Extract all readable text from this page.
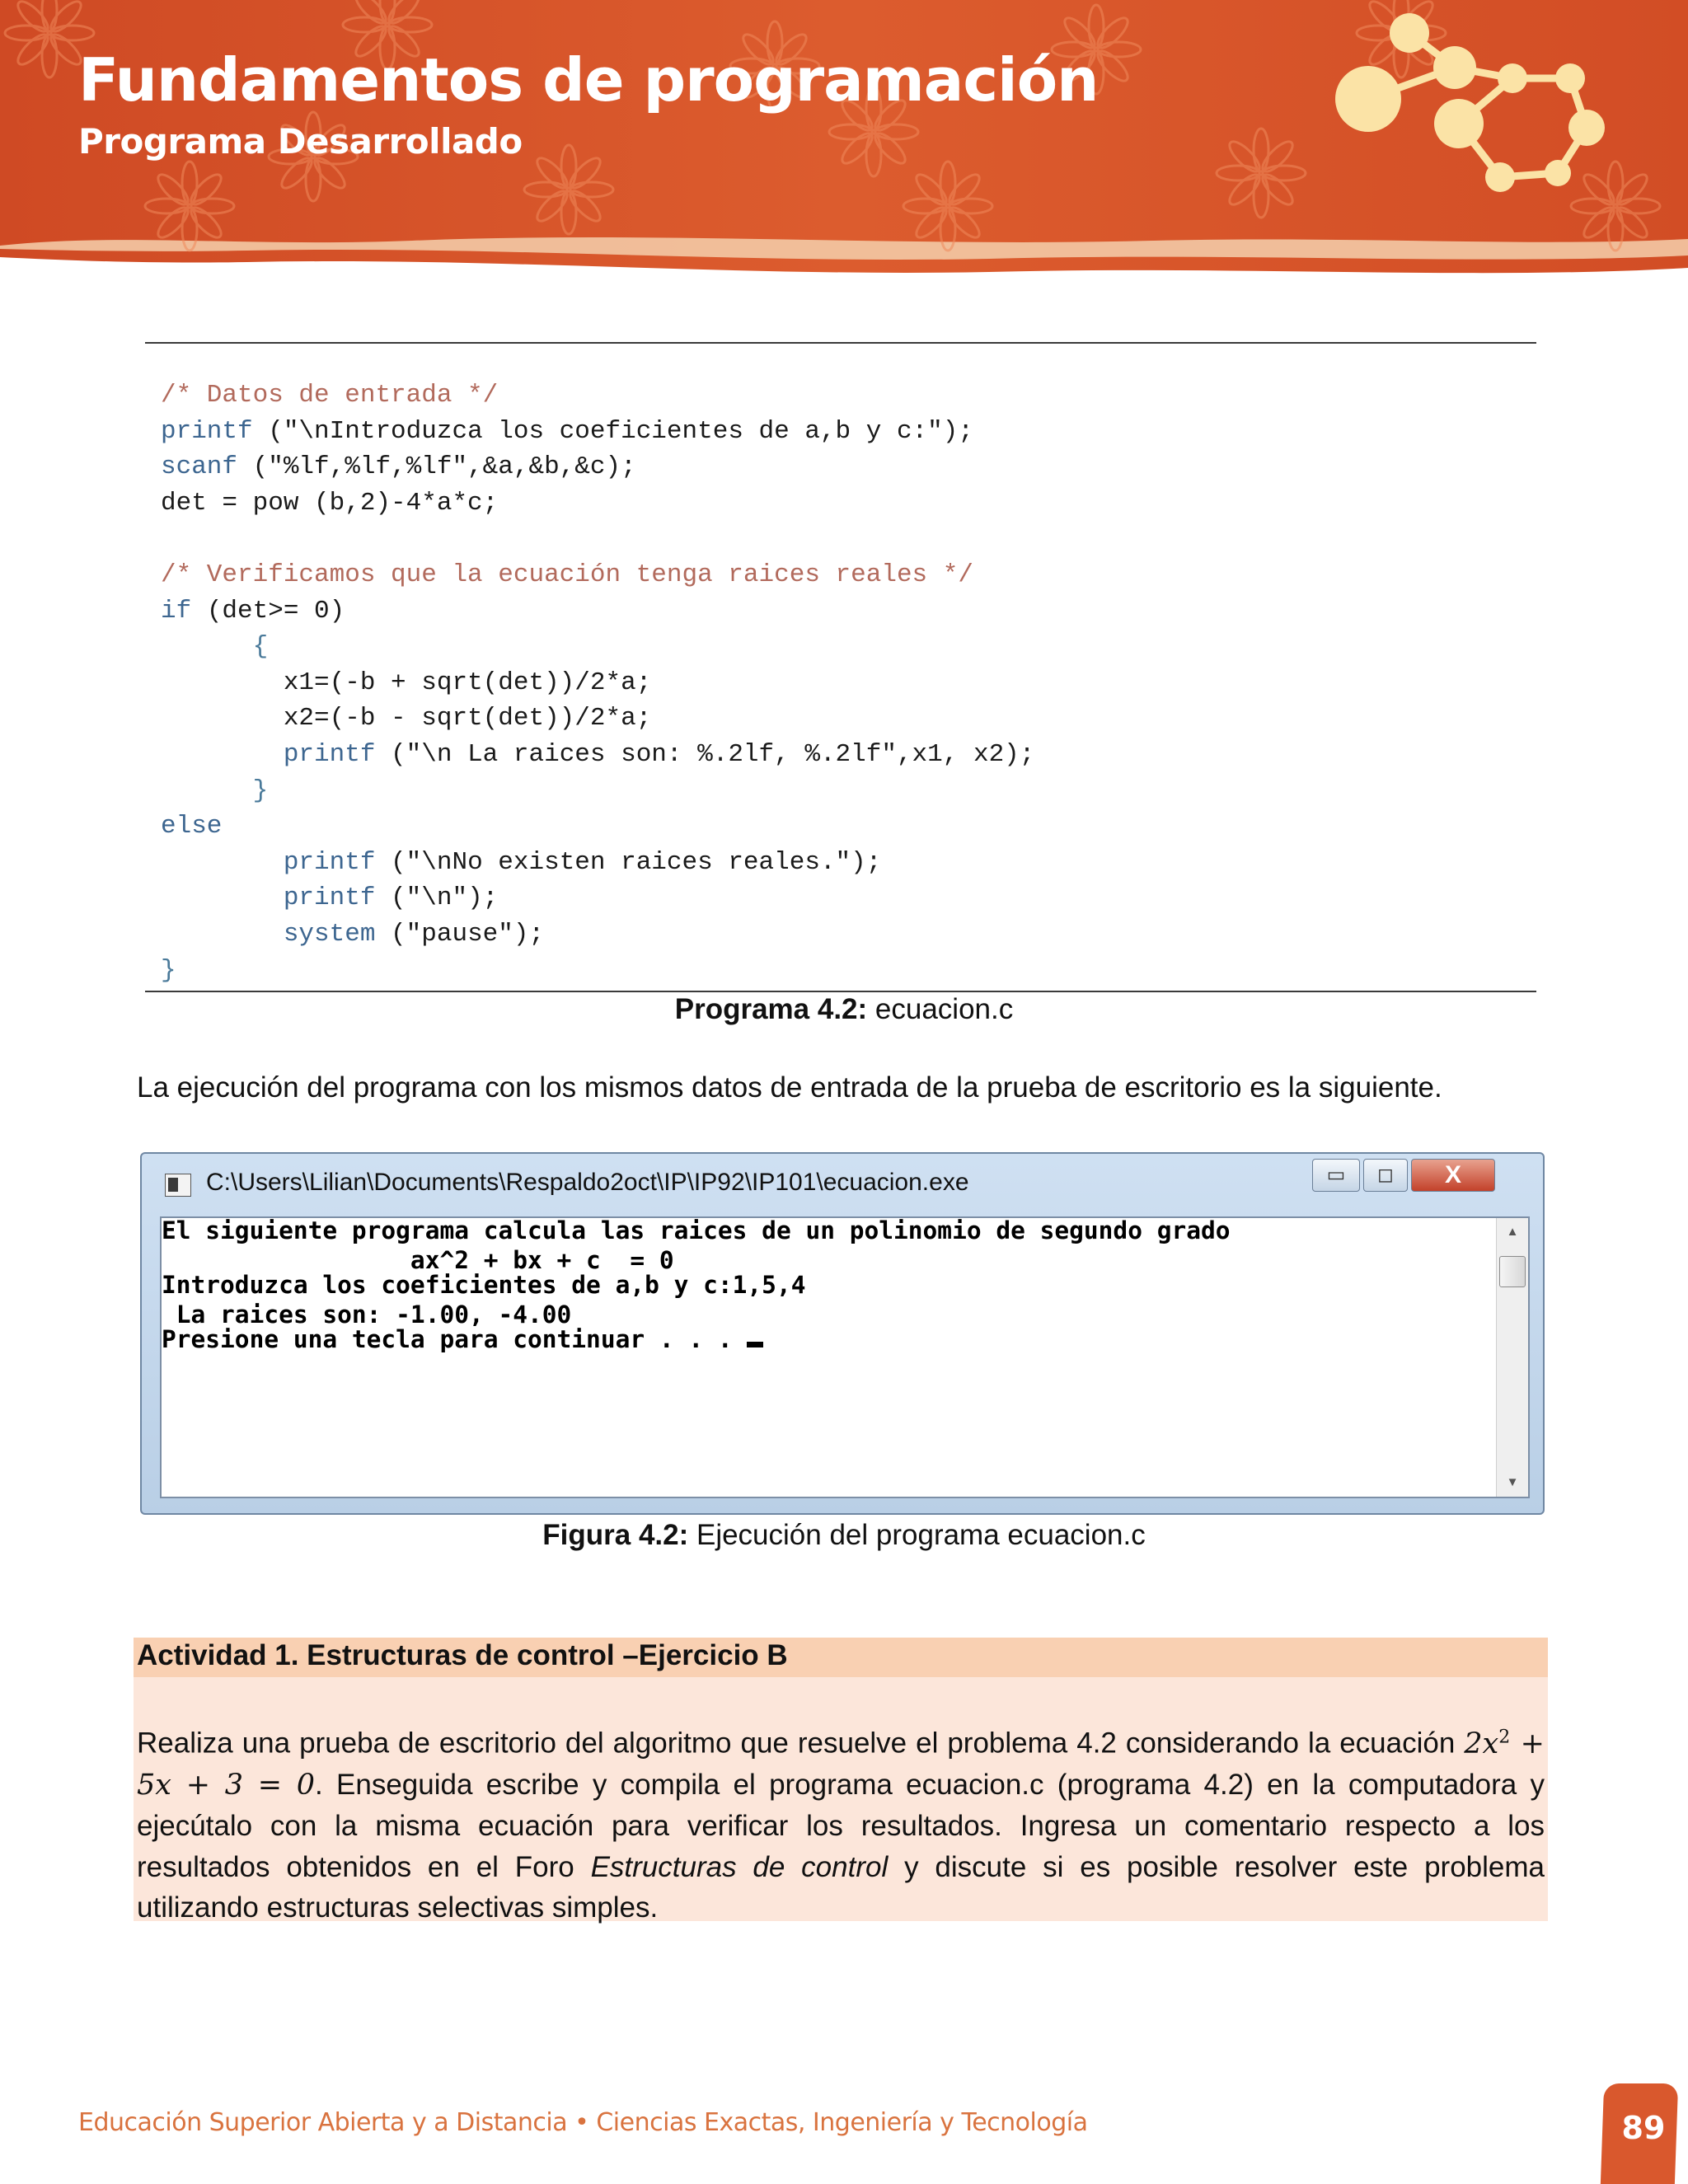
Fundamentos de programación
Programa Desarrollado
/* Datos de entrada */
printf ("\nIntroduzca los coeficientes de a,b y c:");
scanf ("%lf,%lf,%lf",&a,&b,&c);
det = pow (b,2)-4*a*c;

/* Verificamos que la ecuación tenga raices reales */
if (det>= 0)
{
x1=(-b + sqrt(det))/2*a;
x2=(-b - sqrt(det))/2*a;
printf ("\n La raices son: %.2lf, %.2lf",x1, x2);
}
else
printf ("\nNo existen raices reales.");
printf ("\n");
system ("pause");
}
Programa 4.2: ecuacion.c
La ejecución del programa con los mismos datos de entrada de la prueba de escritorio es la siguiente.
C:\Users\Lilian\Documents\Respaldo2oct\IP\IP92\IP101\ecuacion.exe	▭	◻	X
El siguiente programa calcula las raices de un polinomio de segundo grado

ax^2 + bx + c  = 0
Introduzca los coeficientes de a,b y c:1,5,4

La raices son: -1.00, -4.00
Presione una tecla para continuar . . .
▲
▼
Figura 4.2: Ejecución del programa ecuacion.c
Actividad 1. Estructuras de control –Ejercicio B

Realiza una prueba de escritorio del algoritmo que resuelve el problema 4.2 considerando la ecuación $2x^2 + 5x + 3 = 0$. Enseguida escribe y compila el programa ecuacion.c (programa 4.2) en la computadora y ejecútalo con la misma ecuación para verificar los resultados. Ingresa un comentario respecto a los resultados obtenidos en el Foro Estructuras de control y discute si es posible resolver este problema utilizando estructuras selectivas simples.

Educación Superior Abierta y a Distancia • Ciencias Exactas, Ingeniería y Tecnología	89
